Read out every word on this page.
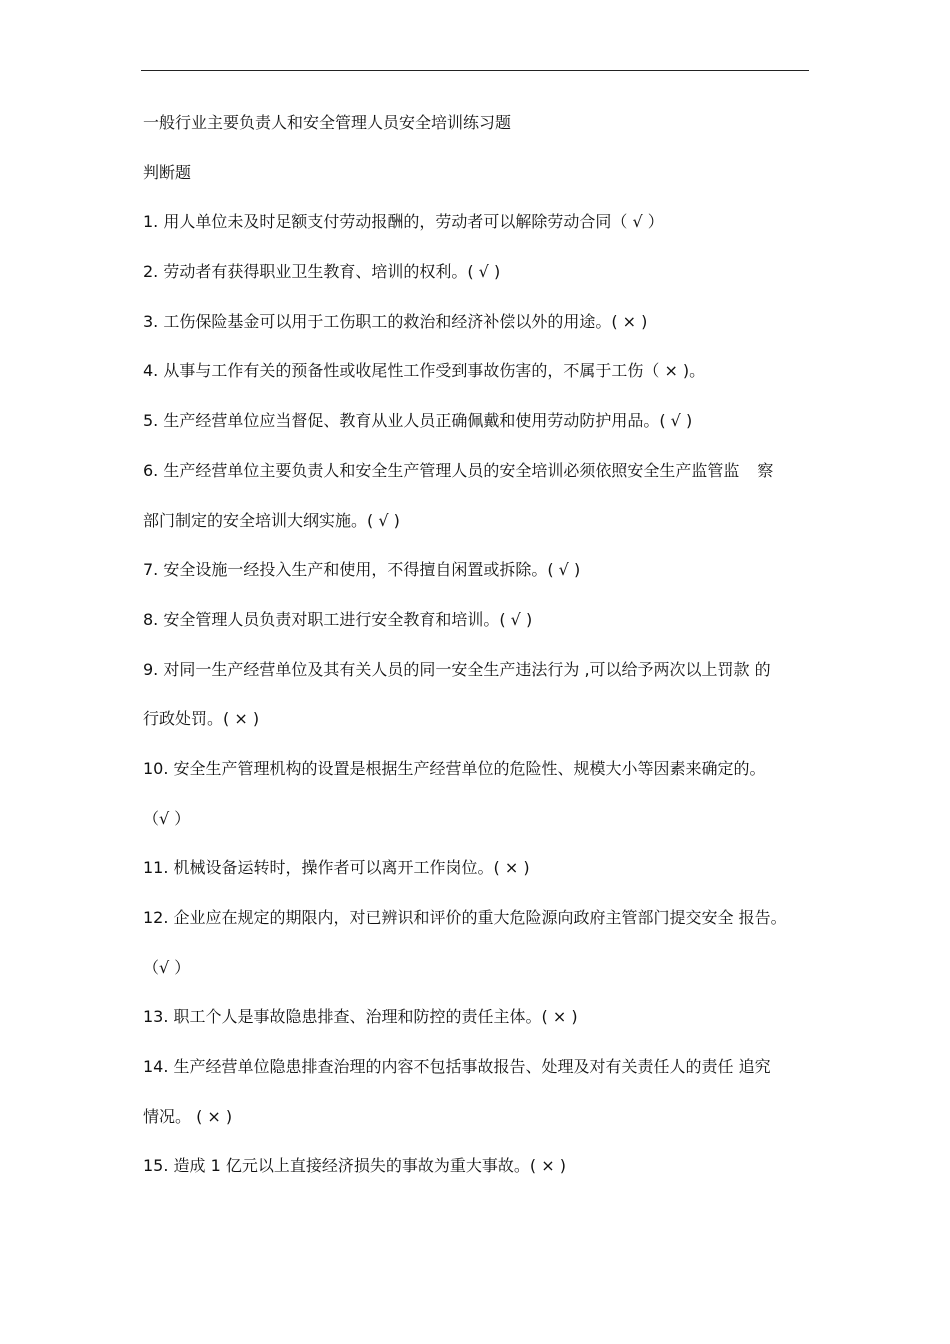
一般行业主要负责人和安全管理人员安全培训练习题
判断题
1. 用人单位未及时足额支付劳动报酬的，劳动者可以解除劳动合同（ √ ）
2. 劳动者有获得职业卫生教育、培训的权利。( √ )
3. 工伤保险基金可以用于工伤职工的救治和经济补偿以外的用途。( × )
4. 从事与工作有关的预备性或收尾性工作受到事故伤害的，不属于工伤（ × )。
5. 生产经营单位应当督促、教育从业人员正确佩戴和使用劳动防护用品。( √ )
6. 生产经营单位主要负责人和安全生产管理人员的安全培训必须依照安全生产监管监 察
部门制定的安全培训大纲实施。( √ )
7. 安全设施一经投入生产和使用，不得擅自闲置或拆除。( √ )
8. 安全管理人员负责对职工进行安全教育和培训。( √ )
9. 对同一生产经营单位及其有关人员的同一安全生产违法行为 ,可以给予两次以上罚款 的
行政处罚。( × )
10. 安全生产管理机构的设置是根据生产经营单位的危险性、规模大小等因素来确定的。
（√ ）
11. 机械设备运转时，操作者可以离开工作岗位。( × )
12. 企业应在规定的期限内，对已辨识和评价的重大危险源向政府主管部门提交安全 报告。
（√ ）
13. 职工个人是事故隐患排查、治理和防控的责任主体。( × )
14. 生产经营单位隐患排查治理的内容不包括事故报告、处理及对有关责任人的责任 追究
情况。 ( × )
15. 造成 1 亿元以上直接经济损失的事故为重大事故。( × )
